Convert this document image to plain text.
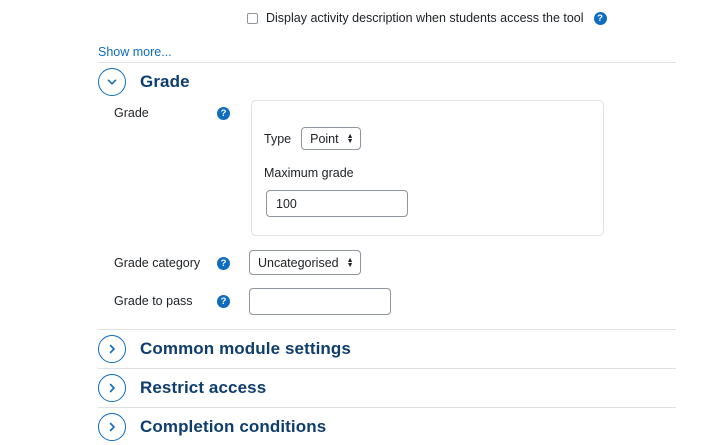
Display activity description when students access the tool	?
Show more...
Grade
Grade	?
Type Point ▲
▼
Maximum grade
100
Grade category	?	Uncategorised ▲
▼
Grade to pass	?
Common module settings
Restrict access
Completion conditions
